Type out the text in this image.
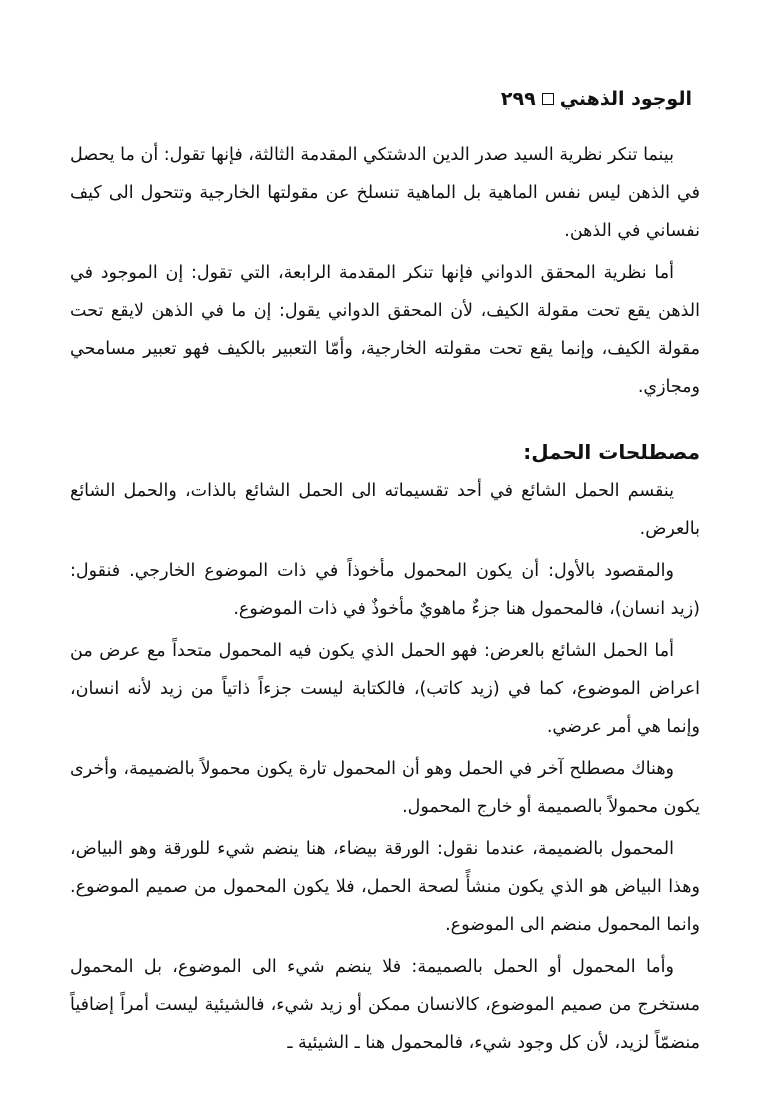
الوجود الذهني
٢٩٩

بينما تنكر نظرية السيد صدر الدين الدشتكي المقدمة الثالثة، فإنها تقول: أن ما يحصل في الذهن ليس نفس الماهية بل الماهية تنسلخ عن مقولتها الخارجية وتتحول الى كيف نفساني في الذهن.

أما نظرية المحقق الدواني فإنها تنكر المقدمة الرابعة، التي تقول: إن الموجود في الذهن يقع تحت مقولة الكيف، لأن المحقق الدواني يقول: إن ما في الذهن لايقع تحت مقولة الكيف، وإنما يقع تحت مقولته الخارجية، وأمّا التعبير بالكيف فهو تعبير مسامحي ومجازي.

مصطلحات الحمل:

ينقسم الحمل الشائع في أحد تقسيماته الى الحمل الشائع بالذات، والحمل الشائع بالعرض.

والمقصود بالأول: أن يكون المحمول مأخوذاً في ذات الموضوع الخارجي. فنقول: (زيد انسان)، فالمحمول هنا جزءٌ ماهويٌ مأخوذٌ في ذات الموضوع.

أما الحمل الشائع بالعرض: فهو الحمل الذي يكون فيه المحمول متحداً مع عرض من اعراض الموضوع، كما في (زيد كاتب)، فالكتابة ليست جزءاً ذاتياً من زيد لأنه انسان، وإنما هي أمر عرضي.

وهناك مصطلح آخر في الحمل وهو أن المحمول تارة يكون محمولاً بالضميمة، وأخرى يكون محمولاً بالصميمة أو خارج المحمول.

المحمول بالضميمة، عندما نقول: الورقة بيضاء، هنا ينضم شيء للورقة وهو البياض، وهذا البياض هو الذي يكون منشأً لصحة الحمل، فلا يكون المحمول من صميم الموضوع. وانما المحمول منضم الى الموضوع.

وأما المحمول أو الحمل بالصميمة: فلا ينضم شيء الى الموضوع، بل المحمول مستخرج من صميم الموضوع، كالانسان ممكن أو زيد شيء، فالشيئية ليست أمراً إضافياً منضمّاً لزيد، لأن كل وجود شيء، فالمحمول هنا ـ الشيئية ـ
